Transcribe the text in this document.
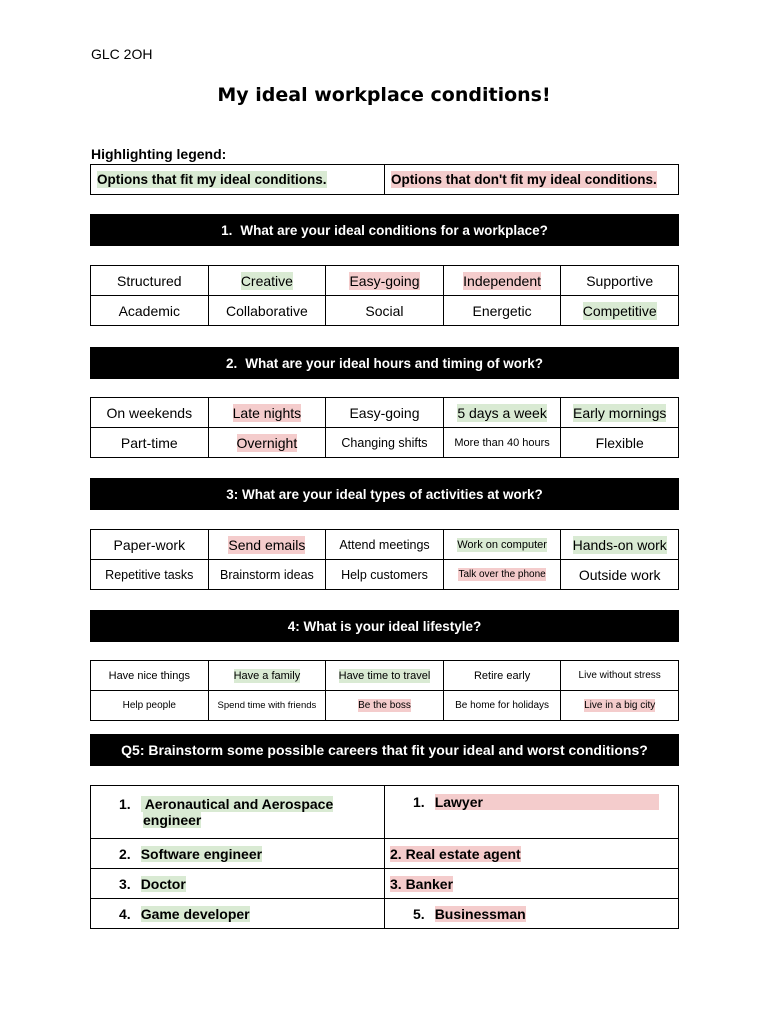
GLC 2OH
My ideal workplace conditions!
Highlighting legend:
Options that fit my ideal conditions.	Options that don't fit my ideal conditions.
1. What are your ideal conditions for a workplace?
Structured	Creative	Easy-going	Independent	Supportive
Academic	Collaborative	Social	Energetic	Competitive
2. What are your ideal hours and timing of work?
On weekends	Late nights	Easy-going	5 days a week	Early mornings
Part-time	Overnight	Changing shifts	More than 40 hours	Flexible
3: What are your ideal types of activities at work?
Paper-work	Send emails	Attend meetings	Work on computer	Hands-on work
Repetitive tasks	Brainstorm ideas	Help customers	Talk over the phone	Outside work
4: What is your ideal lifestyle?
Have nice things	Have a family	Have time to travel	Retire early	Live without stress
Help people	Spend time with friends	Be the boss	Be home for holidays	Live in a big city
Q5: Brainstorm some possible careers that fit your ideal and worst conditions?
1. Aeronautical and Aerospace
engineer	1. Lawyer
2. Software engineer	2. Real estate agent
3. Doctor	3. Banker
4. Game developer	5. Businessman
